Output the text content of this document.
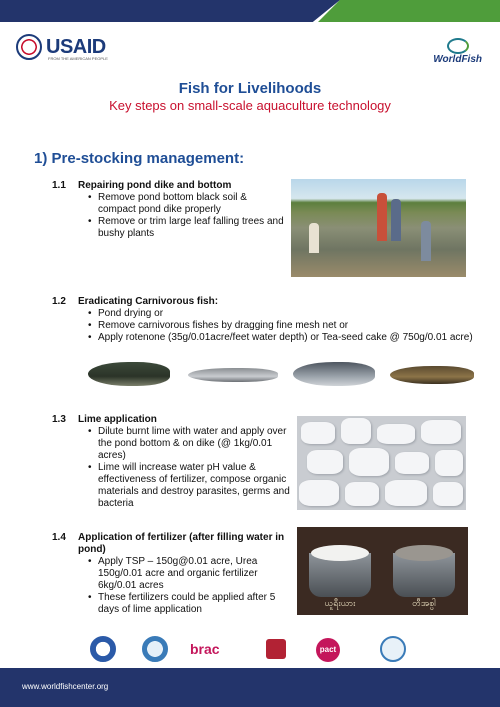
USAID
FROM THE AMERICAN PEOPLE	WorldFish
Fish for Livelihoods
Key steps on small-scale aquaculture technology
1) Pre-stocking management:
1.1	Repairing pond dike and bottom
• Remove pond bottom black soil & compact pond dike properly
• Remove or trim large leaf falling trees and bushy plants
1.2	Eradicating Carnivorous fish:
• Pond drying or
• Remove carnivorous fishes by dragging fine mesh net or
• Apply rotenone (35g/0.01acre/feet water depth) or Tea-seed cake @ 750g/0.01 acre)
1.3	Lime application
• Dilute burnt lime with water and apply over the pond bottom & on dike (@ 1kg/0.01 acres)
• Lime will increase water pH value & effectiveness of fertilizer, compose organic materials and destroy parasites, germs and bacteria
1.4	Application of fertilizer (after filling water in pond)
• Apply TSP – 150g@0.01 acre, Urea 150g/0.01 acre and organic fertilizer 6kg/0.01 acres
• These fertilizers could be applied after 5 days of lime application
ယူရီးယား	တီအစ္ပါ
brac	pact
www.worldfishcenter.org
